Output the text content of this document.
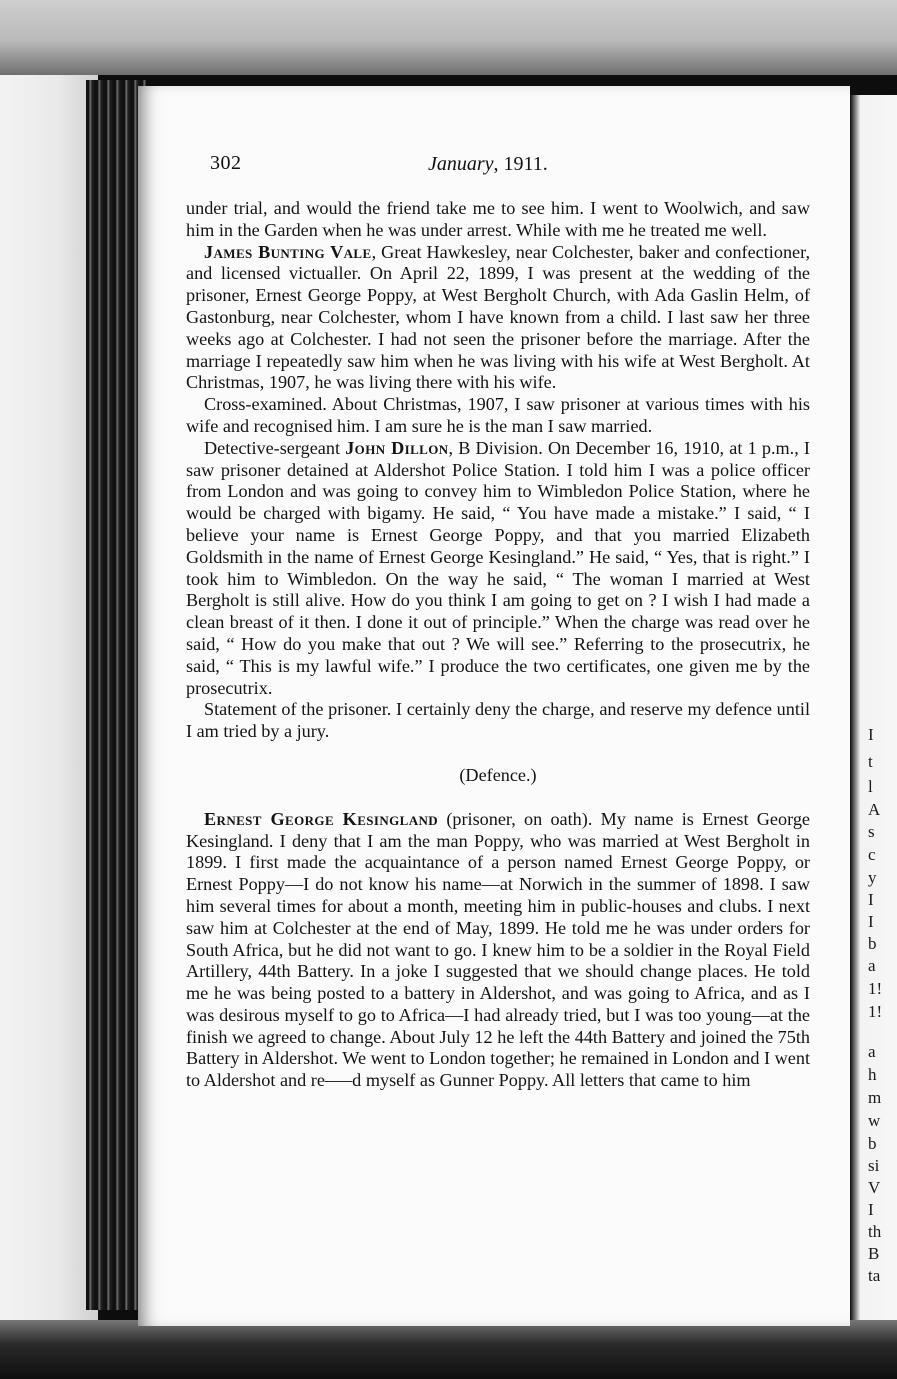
302	January, 1911.

under trial, and would the friend take me to see him. I went to Woolwich, and saw him in the Garden when he was under arrest. While with me he treated me well.

James Bunting Vale, Great Hawkesley, near Colchester, baker and confectioner, and licensed victualler. On April 22, 1899, I was present at the wedding of the prisoner, Ernest George Poppy, at West Bergholt Church, with Ada Gaslin Helm, of Gastonburg, near Colchester, whom I have known from a child. I last saw her three weeks ago at Colchester. I had not seen the prisoner before the marriage. After the marriage I repeatedly saw him when he was living with his wife at West Bergholt. At Christmas, 1907, he was living there with his wife.

Cross-examined. About Christmas, 1907, I saw prisoner at various times with his wife and recognised him. I am sure he is the man I saw married.

Detective-sergeant John Dillon, B Division. On December 16, 1910, at 1 p.m., I saw prisoner detained at Aldershot Police Station. I told him I was a police officer from London and was going to convey him to Wimbledon Police Station, where he would be charged with bigamy. He said, “ You have made a mistake.” I said, “ I believe your name is Ernest George Poppy, and that you married Elizabeth Goldsmith in the name of Ernest George Kesingland.” He said, “ Yes, that is right.” I took him to Wimbledon. On the way he said, “ The woman I married at West Bergholt is still alive. How do you think I am going to get on ? I wish I had made a clean breast of it then. I done it out of principle.” When the charge was read over he said, “ How do you make that out ? We will see.” Referring to the prosecutrix, he said, “ This is my lawful wife.” I produce the two certificates, one given me by the prosecutrix.

Statement of the prisoner. I certainly deny the charge, and reserve my defence until I am tried by a jury.

(Defence.)

Ernest George Kesingland (prisoner, on oath). My name is Ernest George Kesingland. I deny that I am the man Poppy, who was married at West Bergholt in 1899. I first made the acquaintance of a person named Ernest George Poppy, or Ernest Poppy—I do not know his name—at Norwich in the summer of 1898. I saw him several times for about a month, meeting him in public-houses and clubs. I next saw him at Colchester at the end of May, 1899. He told me he was under orders for South Africa, but he did not want to go. I knew him to be a soldier in the Royal Field Artillery, 44th Battery. In a joke I suggested that we should change places. He told me he was being posted to a battery in Aldershot, and was going to Africa, and as I was desirous myself to go to Africa—I had already tried, but I was too young—at the finish we agreed to change. About July 12 he left the 44th Battery and joined the 75th Battery in Aldershot. We went to London together; he remained in London and I went to Aldershot and re–––d myself as Gunner Poppy. All letters that came to him

I
t
l
A
s
c
y
I
I
b
a
1!
1!
a
h
m
w
b
si
V
I
th
B
ta
